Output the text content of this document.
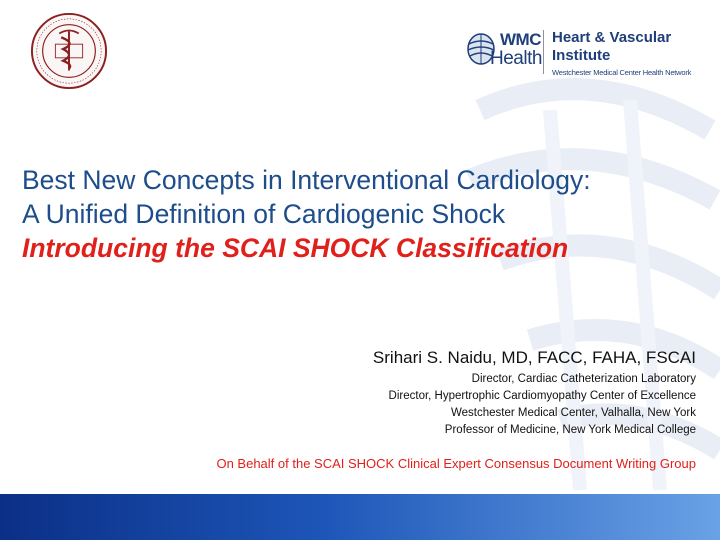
WMC
Health
Heart & Vascular
Institute
Westchester Medical Center Health Network
Best New Concepts in Interventional Cardiology:
A Unified Definition of Cardiogenic Shock
Introducing the SCAI SHOCK Classification
Srihari S. Naidu, MD, FACC, FAHA, FSCAI
Director, Cardiac Catheterization Laboratory
Director, Hypertrophic Cardiomyopathy Center of Excellence
Westchester Medical Center, Valhalla, New York
Professor of Medicine, New York Medical College
On Behalf of the SCAI SHOCK Clinical Expert Consensus Document Writing Group
